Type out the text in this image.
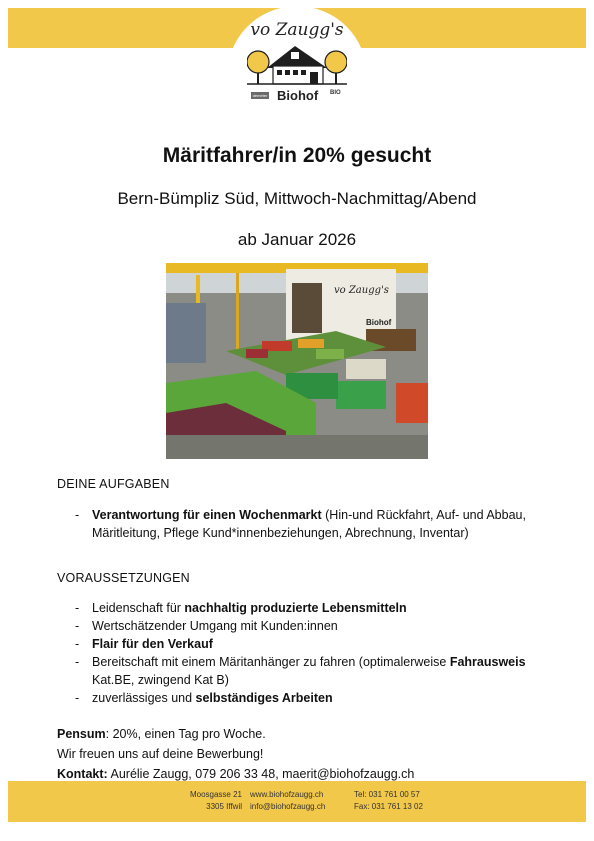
vo Zaugg's
demeter Biohof BIO
Märitfahrer/in 20% gesucht
Bern-Bümpliz Süd, Mittwoch-Nachmittag/Abend
ab Januar 2026
vo Zaugg's
Biohof
DEINE AUFGABEN
- Verantwortung für einen Wochenmarkt (Hin-und Rückfahrt, Auf- und Abbau, Märitleitung, Pflege Kund*innenbeziehungen, Abrechnung, Inventar)
VORAUSSETZUNGEN
- Leidenschaft für nachhaltig produzierte Lebensmitteln
- Wertschätzender Umgang mit Kunden:innen
- Flair für den Verkauf
- Bereitschaft mit einem Märitanhänger zu fahren (optimalerweise Fahrausweis Kat.BE, zwingend Kat B)
- zuverlässiges und selbständiges Arbeiten
Pensum: 20%, einen Tag pro Woche.
Wir freuen uns auf deine Bewerbung!
Kontakt: Aurélie Zaugg, 079 206 33 48, maerit@biohofzaugg.ch
Moosgasse 21
3305 Iffwil
www.biohofzaugg.ch
info@biohofzaugg.ch
Tel: 031 761 00 57
Fax: 031 761 13 02
